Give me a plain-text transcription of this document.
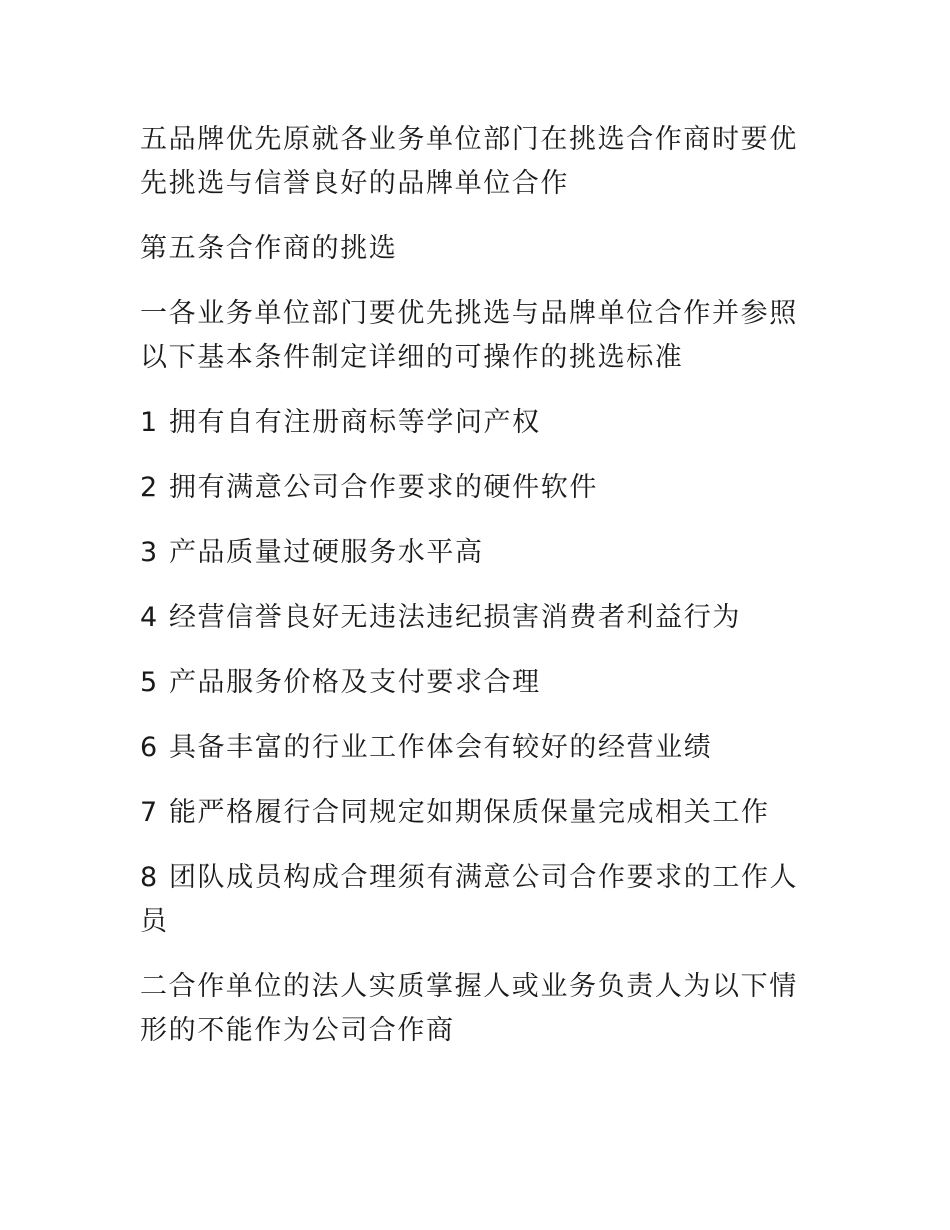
五品牌优先原就各业务单位部门在挑选合作商时要优先挑选与信誉良好的品牌单位合作

第五条合作商的挑选

一各业务单位部门要优先挑选与品牌单位合作并参照以下基本条件制定详细的可操作的挑选标准

1 拥有自有注册商标等学问产权

2 拥有满意公司合作要求的硬件软件

3 产品质量过硬服务水平高

4 经营信誉良好无违法违纪损害消费者利益行为

5 产品服务价格及支付要求合理

6 具备丰富的行业工作体会有较好的经营业绩

7 能严格履行合同规定如期保质保量完成相关工作

8 团队成员构成合理须有满意公司合作要求的工作人员

二合作单位的法人实质掌握人或业务负责人为以下情形的不能作为公司合作商
